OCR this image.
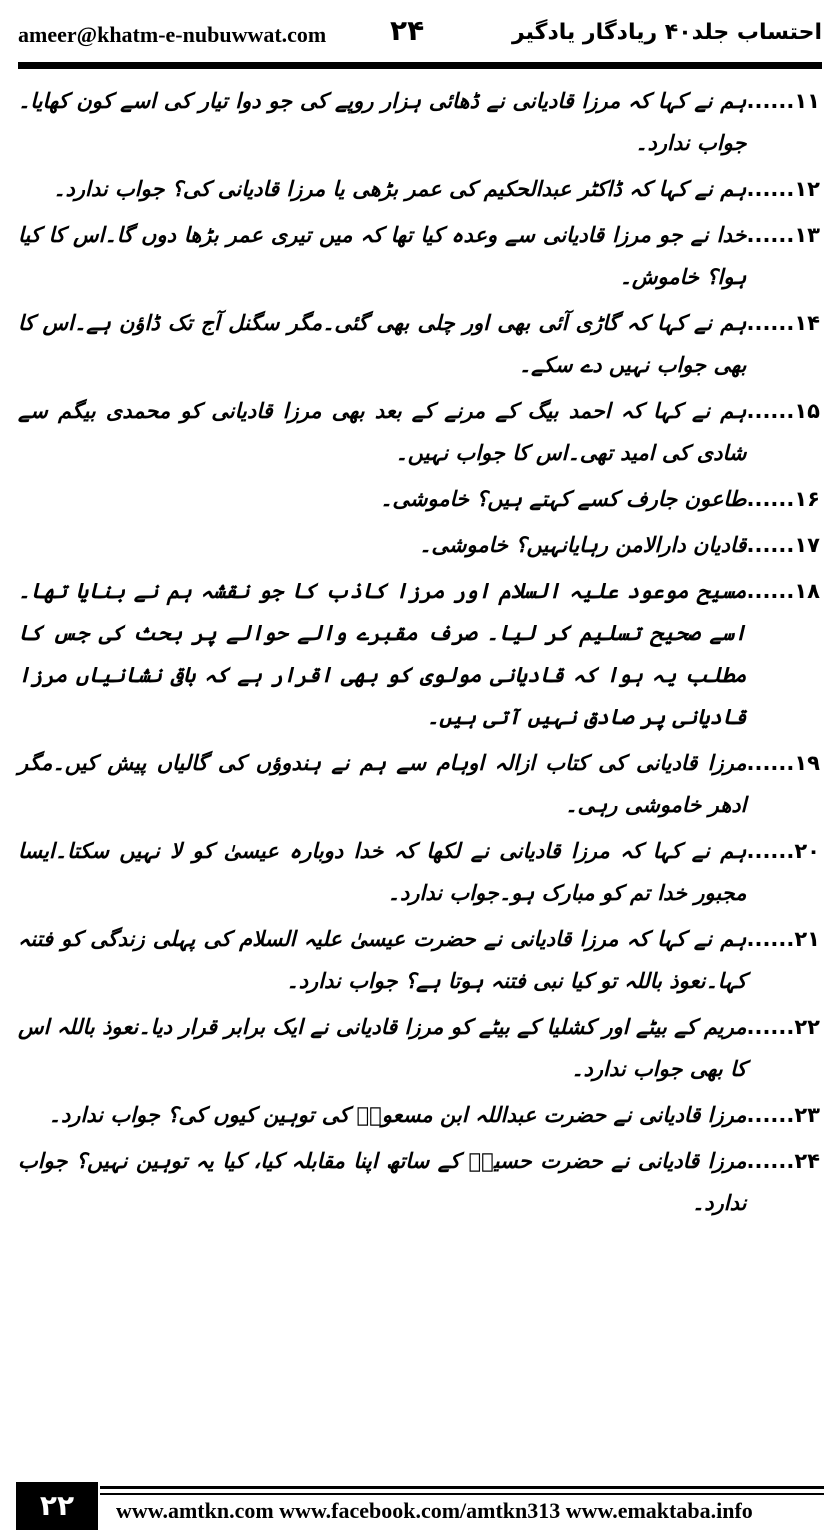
ameer@khatm-e-nubuwwat.com ۲۴	احتساب جلد۴۰ ریادگار یادگیر
۱۱......
ہم نے کہا کہ مرزا قادیانی نے ڈھائی ہزار روپے کی جو دوا تیار کی اسے کون کھایا۔ جواب ندارد۔
۱۲......
ہم نے کہا کہ ڈاکٹر عبدالحکیم کی عمر بڑھی یا مرزا قادیانی کی؟ جواب ندارد۔
۱۳......
خدا نے جو مرزا قادیانی سے وعدہ کیا تھا کہ میں تیری عمر بڑھا دوں گا۔اس کا کیا ہوا؟ خاموش۔
۱۴......
ہم نے کہا کہ گاڑی آئی بھی اور چلی بھی گئی۔مگر سگنل آج تک ڈاؤن ہے۔اس کا بھی جواب نہیں دے سکے۔
۱۵......
ہم نے کہا کہ احمد بیگ کے مرنے کے بعد بھی مرزا قادیانی کو محمدی بیگم سے شادی کی امید تھی۔اس کا جواب نہیں۔
۱۶......
طاعون جارف کسے کہتے ہیں؟ خاموشی۔
۱۷......
قادیان دارالامن رہایانہیں؟ خاموشی۔
۱۸......
مسیح موعود علیہ السلام اور مرزا کاذب کا جو نقشہ ہم نے بنایا تھا۔اسے صحیح تسلیم کر لیا۔ صرف مقبرے والے حوالے پر بحث کی جس کا مطلب یہ ہوا کہ قادیانی مولوی کو بھی اقرار ہے کہ باقی نشانیاں مرزا قادیانی پر صادق نہیں آتی ہیں۔
۱۹......
مرزا قادیانی کی کتاب ازالہ اوہام سے ہم نے ہندوؤں کی گالیاں پیش کیں۔مگر ادھر خاموشی رہی۔
۲۰......
ہم نے کہا کہ مرزا قادیانی نے لکھا کہ خدا دوبارہ عیسیٰ کو لا نہیں سکتا۔ایسا مجبور خدا تم کو مبارک ہو۔جواب ندارد۔
۲۱......
ہم نے کہا کہ مرزا قادیانی نے حضرت عیسیٰ علیہ السلام کی پہلی زندگی کو فتنہ کہا۔نعوذ باللہ تو کیا نبی فتنہ ہوتا ہے؟ جواب ندارد۔
۲۲......
مریم کے بیٹے اور کشلیا کے بیٹے کو مرزا قادیانی نے ایک برابر قرار دیا۔نعوذ باللہ اس کا بھی جواب ندارد۔
۲۳......
مرزا قادیانی نے حضرت عبداللہ ابن مسعودؓ کی توہین کیوں کی؟ جواب ندارد۔
۲۴......
مرزا قادیانی نے حضرت حسینؓ کے ساتھ اپنا مقابلہ کیا، کیا یہ توہین نہیں؟ جواب ندارد۔
۲۲	www.amtkn.com www.facebook.com/amtkn313 www.emaktaba.info
